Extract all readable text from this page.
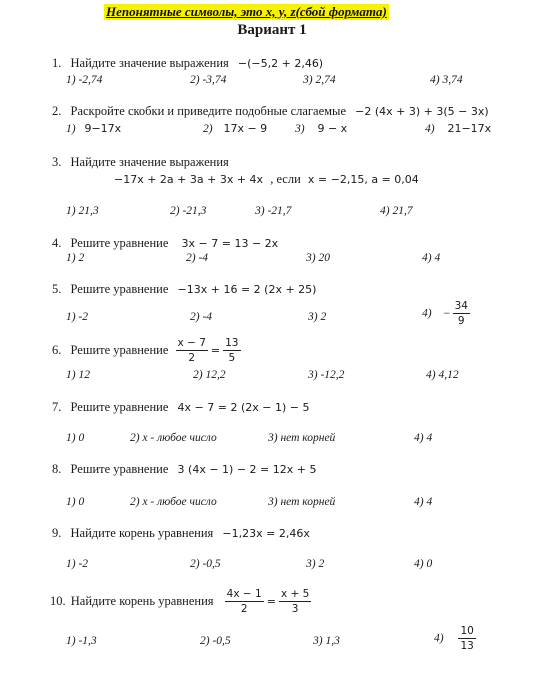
Непонятные символы, это x, y, z(сбой формата)
Вариант 1
1. Найдите значение выражения −(−5,2 + 2,46)
1) -2,74	2) -3,74	3) 2,74	4) 3,74
2. Раскройте скобки и приведите подобные слагаемые −2 (4x + 3) + 3(5 − 3x)
1) 9−17x	2) 17x − 9 3) 9 − x	4) 21−17x
3. Найдите значение выражения
−17x + 2a + 3a + 3x + 4x , если x = −2,15, a = 0,04
1) 21,3	2) -21,3	3) -21,7	4) 21,7
4. Решите уравнение 3x − 7 = 13 − 2x
1) 2	2) -4	3) 20	4) 4
5. Решите уравнение −13x + 16 = 2 (2x + 25)
1) -2	2) -4	3) 2	$4) - \frac{34}{9}$
6. Решите уравнение $\frac{x - 7}{2} = \frac{13}{5}$
1) 12	2) 12,2	3) -12,2	4) 4,12
7. Решите уравнение 4x − 7 = 2 (2x − 1) − 5
1) 0	2) x - любое число	3) нет корней	4) 4
8. Решите уравнение 3 (4x − 1) − 2 = 12x + 5
1) 0	2) x - любое число	3) нет корней	4) 4
9. Найдите корень уравнения −1,23x = 2,46x
1) -2	2) -0,5	3) 2	4) 0
10. Найдите корень уравнения $\frac{4x - 1}{2} = \frac{x + 5}{3}$
1) -1,3	2) -0,5	3) 1,3	$4) \frac{10}{13}$
